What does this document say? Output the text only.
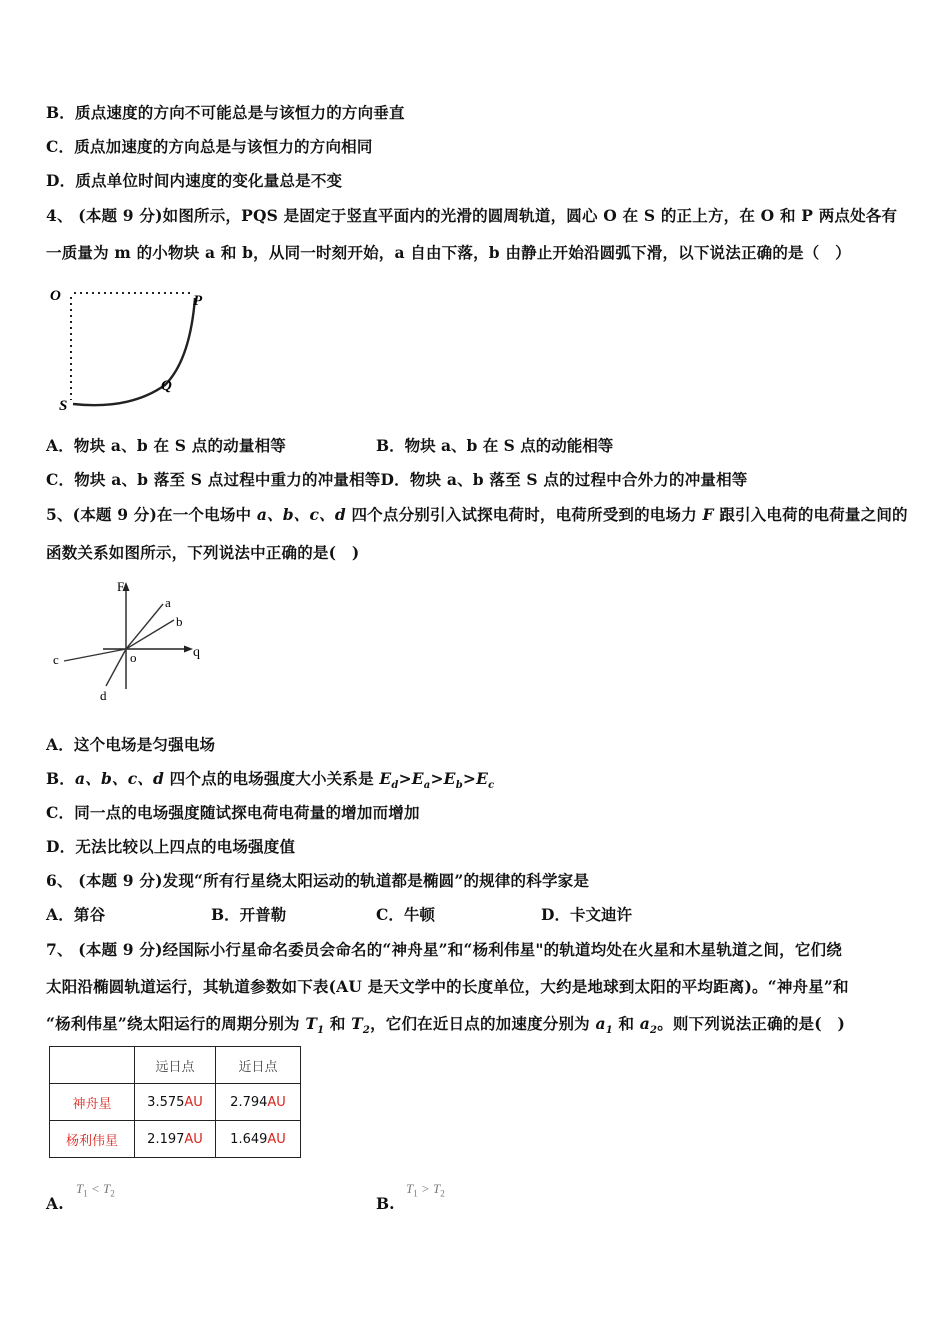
B．质点速度的方向不可能总是与该恒力的方向垂直
C．质点加速度的方向总是与该恒力的方向相同
D．质点单位时间内速度的变化量总是不变
4、 (本题 9 分)如图所示，PQS 是固定于竖直平面内的光滑的圆周轨道，圆心 O 在 S 的正上方，在 O 和 P 两点处各有
一质量为 m 的小物块 a 和 b，从同一时刻开始，a 自由下落，b 由静止开始沿圆弧下滑，以下说法正确的是（　）
O	P
Q
S
A．物块 a、b 在 S 点的动量相等	B．物块 a、b 在 S 点的动能相等
C．物块 a、b 落至 S 点过程中重力的冲量相等D．物块 a、b 落至 S 点的过程中合外力的冲量相等
5、(本题 9 分)在一个电场中 a、b、c、d 四个点分别引入试探电荷时，电荷所受到的电场力 F 跟引入电荷的电荷量之间的
函数关系如图所示，下列说法中正确的是(　)
F
q
o
a
b
c
d
A．这个电场是匀强电场
B．a、b、c、d 四个点的电场强度大小关系是 $E_d>E_a>E_b>E_c$
C．同一点的电场强度随试探电荷电荷量的增加而增加
D．无法比较以上四点的电场强度值
6、 (本题 9 分)发现“所有行星绕太阳运动的轨道都是椭圆”的规律的科学家是
A．第谷	B．开普勒	C．牛顿	D．卡文迪许
7、 (本题 9 分)经国际小行星命名委员会命名的“神舟星”和“杨利伟星"的轨道均处在火星和木星轨道之间，它们绕
太阳沿椭圆轨道运行，其轨道参数如下表(AU 是天文学中的长度单位，大约是地球到太阳的平均距离)。“神舟星”和
“杨利伟星”绕太阳运行的周期分别为 $T_1$ 和 $T_2$，它们在近日点的加速度分别为 $a_1$ 和 $a_2$。则下列说法正确的是(　)
	远日点	近日点
神舟星	3.575AU	2.794AU
杨利伟星	2.197AU	1.649AU
A.
$T_1 < T_2$
B.
$T_1 > T_2$
